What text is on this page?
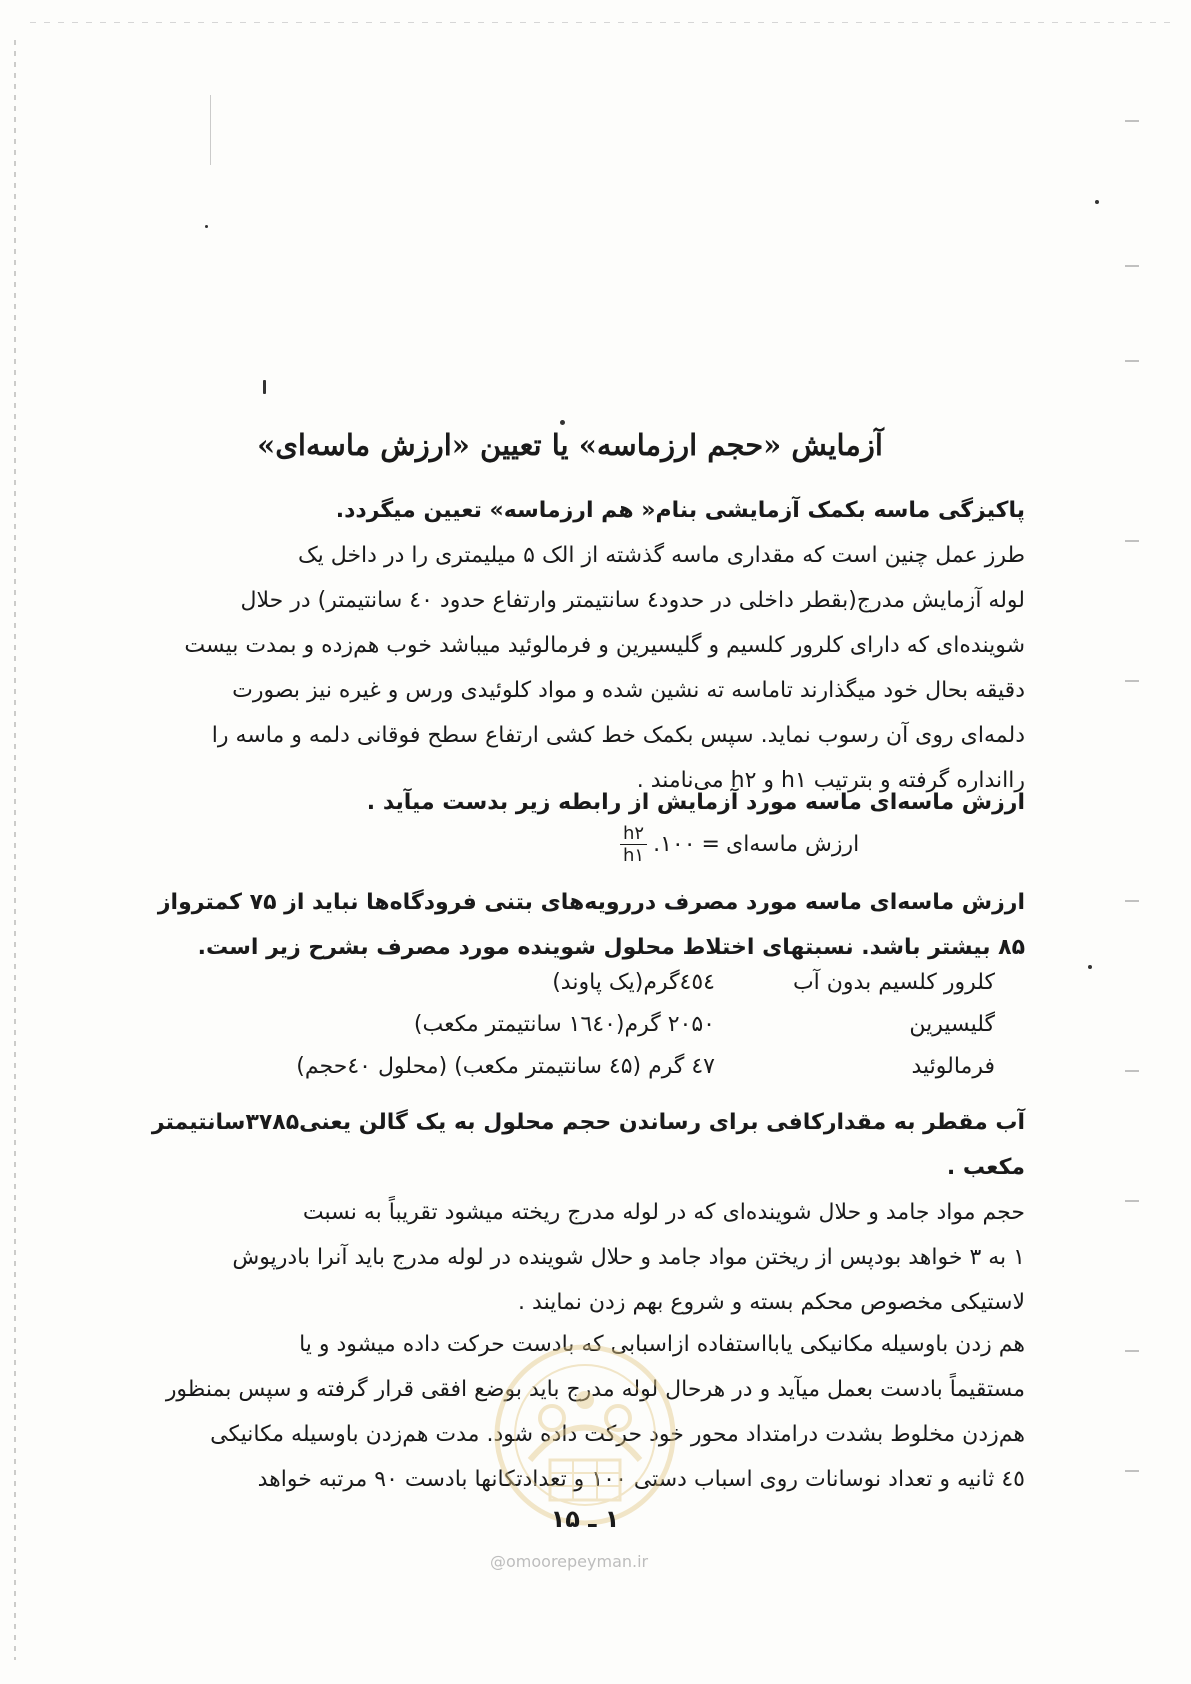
آزمایش «حجم ارزماسه» یا تعیین «ارزش ماسه‌ای»

پاکیزگی ماسه بکمک آزمایشی بنام« هم ارزماسه» تعیین میگردد.

طرز عمل چنین است که مقداری ماسه گذشته از الک ۵ میلیمتری را در داخل یک
لوله آزمایش مدرج(بقطر داخلی در حدود٤ سانتیمتر وارتفاع حدود ٤٠ سانتیمتر) در حلال
شوینده‌ای که دارای کلرور کلسیم و گلیسیرین و فرمالوئید میباشد خوب هم‌زده و بمدت بیست
دقیقه بحال خود میگذارند تاماسه ته نشین شده و مواد کلوئیدی ورس و غیره نیز بصورت
دلمه‌ای روی آن رسوب نماید. سپس بکمک خط کشی ارتفاع سطح فوقانی دلمه و ماسه را
راانداره گرفته و بترتیب h۱ و h۲ می‌نامند .

ارزش ماسه‌ای ماسه مورد آزمایش از رابطه زیر بدست میآید .

ارزش ماسه‌ای
=
۱۰۰.
$\frac{h۲}{h۱}$

ارزش ماسه‌ای ماسه مورد مصرف دررویه‌های بتنی فرودگاه‌ها نباید از ۷۵ کمترواز
۸۵ بیشتر باشد. نسبتهای اختلاط محلول شوینده مورد مصرف بشرح زیر است.

کلرور کلسیم بدون آب
٤٥٤گرم(یک پاوند)
گلیسیرین
۲۰۵۰ گرم(۱٦٤۰ سانتیمتر مکعب)
فرمالوئید
٤۷ گرم (٤۵ سانتیمتر مکعب) (محلول ٤٠حجم)

آب مقطر به مقدارکافی برای رساندن حجم محلول به یک گالن یعنی۳۷۸۵سانتیمتر
مکعب .

حجم مواد جامد و حلال شوینده‌ای که در لوله مدرج ریخته میشود تقریباً به نسبت
۱ به ۳ خواهد بودپس از ریختن مواد جامد و حلال شوینده در لوله مدرج باید آنرا بادرپوش
لاستیکی مخصوص محکم بسته و شروع بهم زدن نمایند .

هم زدن باوسیله مکانیکی یابااستفاده ازاسبابی که بادست حرکت داده میشود و یا
مستقیماً بادست بعمل میآید و در هرحال لوله مدرج باید بوضع افقی قرار گرفته و سپس بمنظور
هم‌زدن مخلوط بشدت درامتداد محور خود حرکت داده شود. مدت هم‌زدن باوسیله مکانیکی
٤٥ ثانیه و تعداد نوسانات روی اسباب دستی ۱۰۰ و تعدادتکانها بادست ۹۰ مرتبه خواهد

۱ ـ ۱۵
@omoorepeyman.ir
